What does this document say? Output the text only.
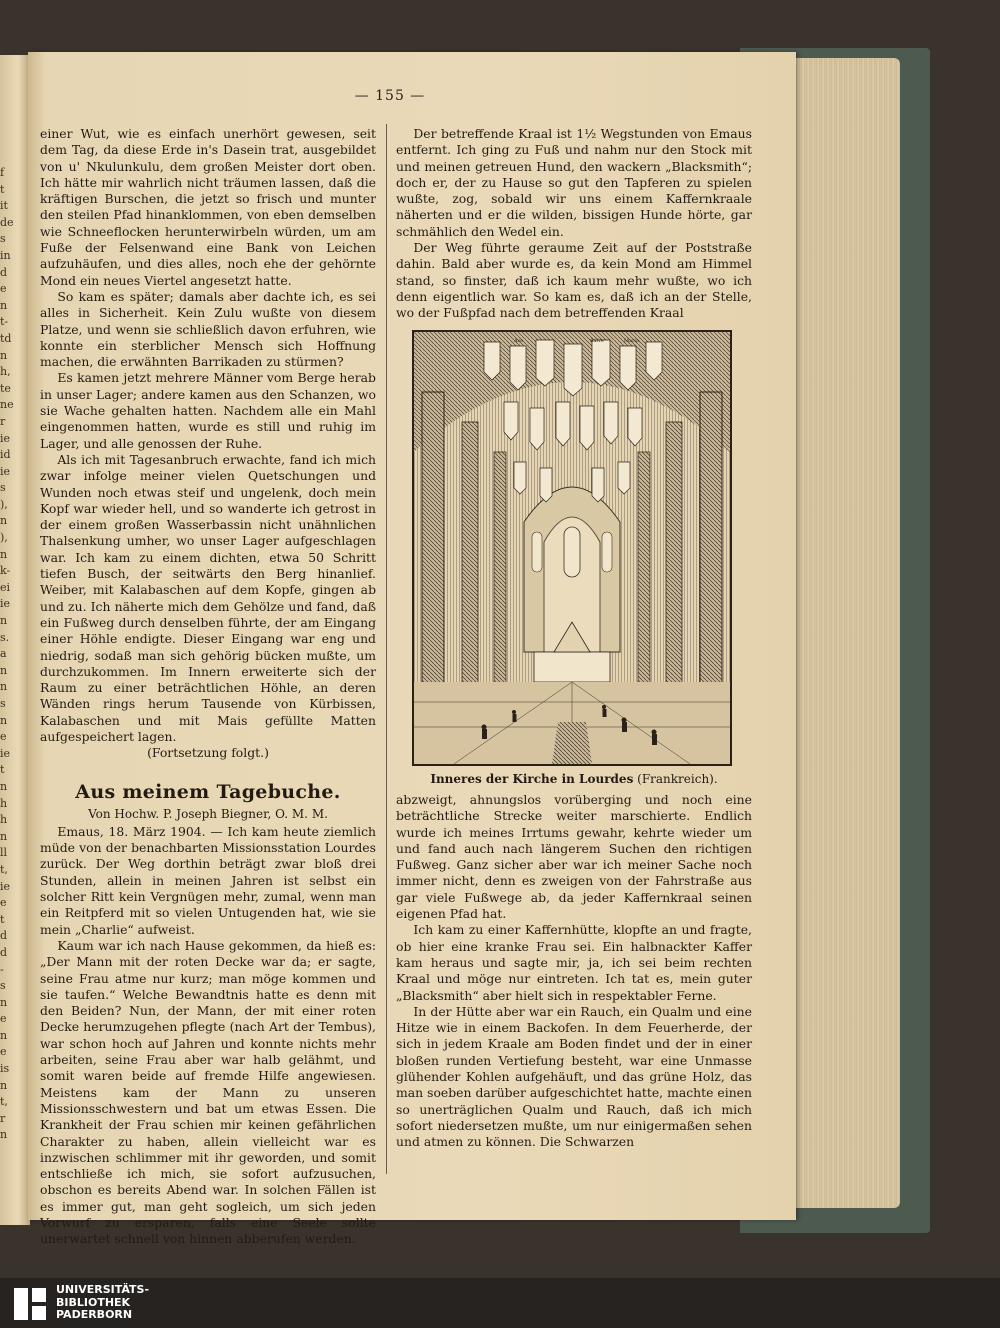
f
t
it
de
s
in
d
e
n
t-
td
n
h,
te
ne
r
ie
id
ie
s
),
n
),
n
k-
ei
ie
n
s.
a
n
n
s
n
e
ie
t
n
h
h
n
ll
t,
ie
e
t
d
d
-
s
n
e
n
e
is
n
t,
r
n
— 155 —

einer Wut, wie es einfach unerhört gewesen, seit dem Tag, da diese Erde in's Dasein trat, ausgebildet von u' Nkulunkulu, dem großen Meister dort oben. Ich hätte mir wahrlich nicht träumen lassen, daß die kräftigen Burschen, die jetzt so frisch und munter den steilen Pfad hinanklommen, von eben demselben wie Schneeflocken herunterwirbeln würden, um am Fuße der Felsenwand eine Bank von Leichen aufzuhäufen, und dies alles, noch ehe der gehörnte Mond ein neues Viertel angesetzt hatte.

So kam es später; damals aber dachte ich, es sei alles in Sicherheit. Kein Zulu wußte von diesem Platze, und wenn sie schließlich davon erfuhren, wie konnte ein sterblicher Mensch sich Hoffnung machen, die erwähnten Barrikaden zu stürmen?

Es kamen jetzt mehrere Männer vom Berge herab in unser Lager; andere kamen aus den Schanzen, wo sie Wache gehalten hatten. Nachdem alle ein Mahl eingenommen hatten, wurde es still und ruhig im Lager, und alle genossen der Ruhe.

Als ich mit Tagesanbruch erwachte, fand ich mich zwar infolge meiner vielen Quetschungen und Wunden noch etwas steif und ungelenk, doch mein Kopf war wieder hell, und so wanderte ich getrost in der einem großen Wasserbassin nicht unähnlichen Thalsenkung umher, wo unser Lager aufgeschlagen war. Ich kam zu einem dichten, etwa 50 Schritt tiefen Busch, der seitwärts den Berg hinanlief. Weiber, mit Kalabaschen auf dem Kopfe, gingen ab und zu. Ich näherte mich dem Gehölze und fand, daß ein Fußweg durch denselben führte, der am Eingang einer Höhle endigte. Dieser Eingang war eng und niedrig, sodaß man sich gehörig bücken mußte, um durchzukommen. Im Innern erweiterte sich der Raum zu einer beträchtlichen Höhle, an deren Wänden rings herum Tausende von Kürbissen, Kalabaschen und mit Mais gefüllte Matten aufgespeichert lagen.

(Fortsetzung folgt.)

Aus meinem Tagebuche.
Von Hochw. P. Joseph Biegner, O. M. M.

Emaus, 18. März 1904. — Ich kam heute ziemlich müde von der benachbarten Missionsstation Lourdes zurück. Der Weg dorthin beträgt zwar bloß drei Stunden, allein in meinen Jahren ist selbst ein solcher Ritt kein Vergnügen mehr, zumal, wenn man ein Reitpferd mit so vielen Untugenden hat, wie sie mein „Charlie“ aufweist.

Kaum war ich nach Hause gekommen, da hieß es: „Der Mann mit der roten Decke war da; er sagte, seine Frau atme nur kurz; man möge kommen und sie taufen.“ Welche Bewandtnis hatte es denn mit den Beiden? Nun, der Mann, der mit einer roten Decke herumzugehen pflegte (nach Art der Tembus), war schon hoch auf Jahren und konnte nichts mehr arbeiten, seine Frau aber war halb gelähmt, und somit waren beide auf fremde Hilfe angewiesen. Meistens kam der Mann zu unseren Missionsschwestern und bat um etwas Essen. Die Krankheit der Frau schien mir keinen gefährlichen Charakter zu haben, allein vielleicht war es inzwischen schlimmer mit ihr geworden, und somit entschließe ich mich, sie sofort aufzusuchen, obschon es bereits Abend war. In solchen Fällen ist es immer gut, man geht sogleich, um sich jeden Vorwurf zu ersparen, falls eine Seele sollte unerwartet schnell von hinnen abberufen werden.

Der betreffende Kraal ist 1½ Wegstunden von Emaus entfernt. Ich ging zu Fuß und nahm nur den Stock mit und meinen getreuen Hund, den wackern „Blacksmith“; doch er, der zu Hause so gut den Tapferen zu spielen wußte, zog, sobald wir uns einem Kaffernkraale näherten und er die wilden, bissigen Hunde hörte, gar schmählich den Wedel ein.

Der Weg führte geraume Zeit auf der Poststraße dahin. Bald aber wurde es, da kein Mond am Himmel stand, so finster, daß ich kaum mehr wußte, wo ich denn eigentlich war. So kam es, daß ich an der Stelle, wo der Fußpfad nach dem betreffenden Kraal

Ave	Salve	Maria
Inneres der Kirche in Lourdes (Frankreich).

abzweigt, ahnungslos vorüberging und noch eine beträchtliche Strecke weiter marschierte. Endlich wurde ich meines Irrtums gewahr, kehrte wieder um und fand auch nach längerem Suchen den richtigen Fußweg. Ganz sicher aber war ich meiner Sache noch immer nicht, denn es zweigen von der Fahrstraße aus gar viele Fußwege ab, da jeder Kaffernkraal seinen eigenen Pfad hat.

Ich kam zu einer Kaffernhütte, klopfte an und fragte, ob hier eine kranke Frau sei. Ein halbnackter Kaffer kam heraus und sagte mir, ja, ich sei beim rechten Kraal und möge nur eintreten. Ich tat es, mein guter „Blacksmith“ aber hielt sich in respektabler Ferne.

In der Hütte aber war ein Rauch, ein Qualm und eine Hitze wie in einem Backofen. In dem Feuerherde, der sich in jedem Kraale am Boden findet und der in einer bloßen runden Vertiefung besteht, war eine Unmasse glühender Kohlen aufgehäuft, und das grüne Holz, das man soeben darüber aufgeschichtet hatte, machte einen so unerträglichen Qualm und Rauch, daß ich mich sofort niedersetzen mußte, um nur einigermaßen sehen und atmen zu können. Die Schwarzen

UNIVERSITÄTS-
BIBLIOTHEK
PADERBORN
